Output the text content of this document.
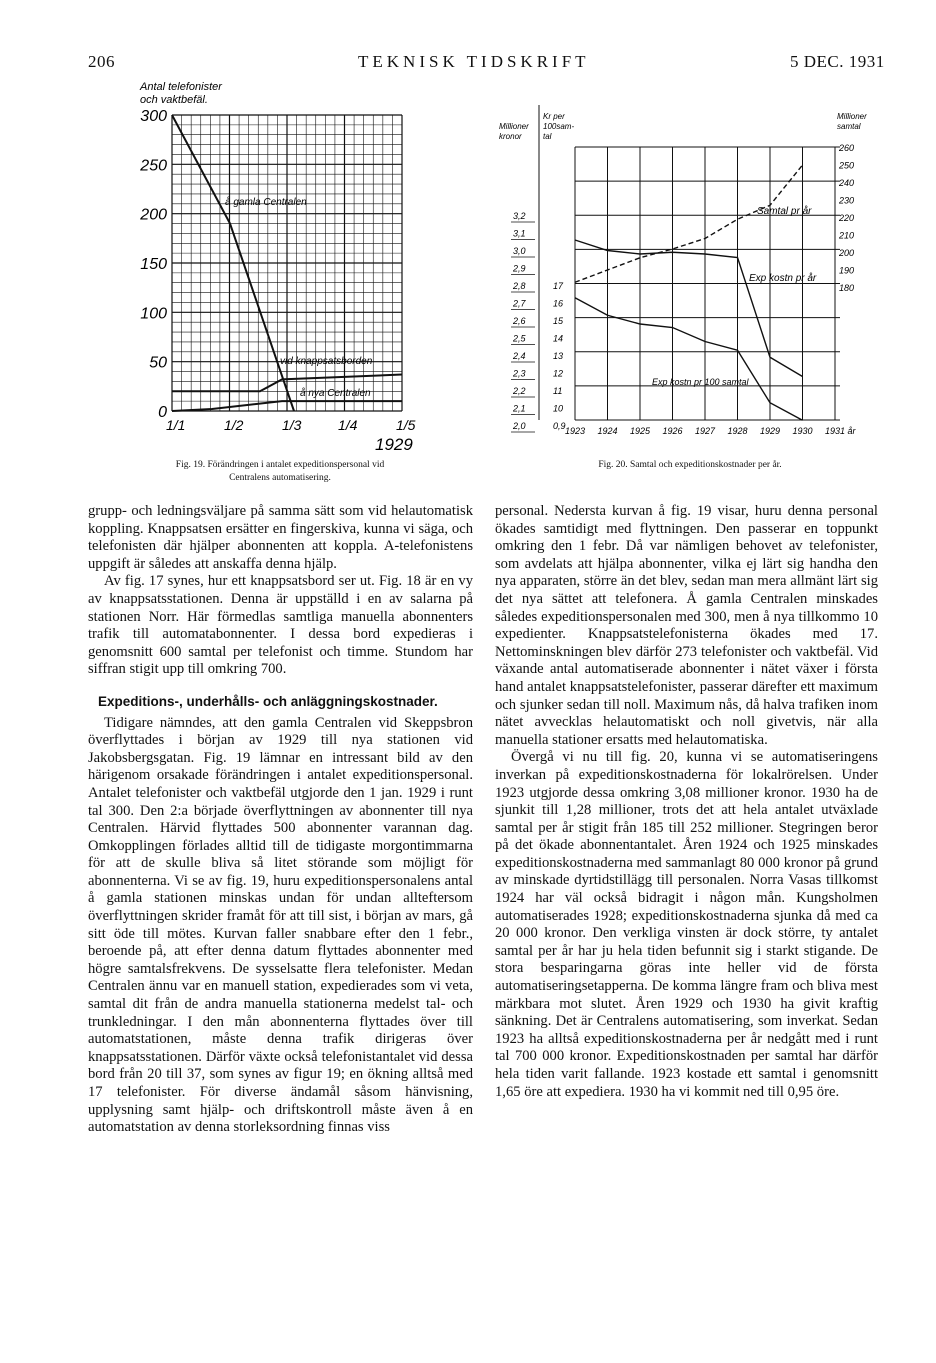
206	TEKNISK TIDSKRIFT	5 DEC. 1931
Antal telefonister
och vaktbefäl.
300
250
200
150
100
50
0
1/1	1/2	1/3	1/4	1/5
1929
å gamla Centralen
vid knappsatsborden
å nya Centralen
Fig. 19. Förändringen i antalet expeditionspersonal vid
Centralens automatisering.
Millioner
kronor
Kr per
100sam-
tal
Millioner
samtal
3,2
3,1
3,0
2,9
2,8
2,7
2,6
2,5
2,4
2,3
2,2
2,1
2,0
17
16
15
14
13
12
11
10
0,9
260
250
240
230
220
210
200
190
180
1923 1924 1925 1926 1927 1928 1929 1930 1931 år
Samtal pr år
Exp kostn pr år
Exp kostn pr 100 samtal
Fig. 20. Samtal och expeditionskostnader per år.

grupp- och ledningsväljare på samma sätt som vid helautomatisk koppling. Knappsatsen ersätter en fingerskiva, kunna vi säga, och telefonisten där hjälper abonnenten att koppla. A-telefonistens uppgift är således att anskaffa denna hjälp.

Av fig. 17 synes, hur ett knappsatsbord ser ut. Fig. 18 är en vy av knappsatsstationen. Denna är uppställd i en av salarna på stationen Norr. Här förmedlas samtliga manuella abonnenters trafik till automatabonnenter. I dessa bord expedieras i genomsnitt 600 samtal per telefonist och timme. Stundom har siffran stigit upp till omkring 700.

Expeditions-, underhålls- och anläggningskostnader.

Tidigare nämndes, att den gamla Centralen vid Skeppsbron överflyttades i början av 1929 till nya stationen vid Jakobsbergsgatan. Fig. 19 lämnar en intressant bild av den härigenom orsakade förändringen i antalet expeditionspersonal. Antalet telefonister och vaktbefäl utgjorde den 1 jan. 1929 i runt tal 300. Den 2:a började överflyttningen av abonnenter till nya Centralen. Härvid flyttades 500 abonnenter varannan dag. Omkopplingen förlades alltid till de tidigaste morgontimmarna för att de skulle bliva så litet störande som möjligt för abonnenterna. Vi se av fig. 19, huru expeditionspersonalens antal å gamla stationen minskas undan för undan allteftersom överflyttningen skrider framåt för att till sist, i början av mars, gå sitt öde till mötes. Kurvan faller snabbare efter den 1 febr., beroende på, att efter denna datum flyttades abonnenter med högre samtalsfrekvens. De sysselsatte flera telefonister. Medan Centralen ännu var en manuell station, expedierades som vi veta, samtal dit från de andra manuella stationerna medelst tal- och trunkledningar. I den mån abonnenterna flyttades över till automatstationen, måste denna trafik dirigeras över knappsatsstationen. Därför växte också telefonistantalet vid dessa bord från 20 till 37, som synes av figur 19; en ökning alltså med 17 telefonister. För diverse ändamål såsom hänvisning, upplysning samt hjälp- och driftskontroll måste även å en automatstation av denna storleksordning finnas viss

personal. Nedersta kurvan å fig. 19 visar, huru denna personal ökades samtidigt med flyttningen. Den passerar en toppunkt omkring den 1 febr. Då var nämligen behovet av telefonister, som avdelats att hjälpa abonnenter, vilka ej lärt sig handha den nya apparaten, större än det blev, sedan man mera allmänt lärt sig det nya sättet att telefonera. Å gamla Centralen minskades således expeditionspersonalen med 300, men å nya tillkommo 10 expedienter. Knappsatstelefonisterna ökades med 17. Nettominskningen blev därför 273 telefonister och vaktbefäl. Vid växande antal automatiserade abonnenter i nätet växer i första hand antalet knappsatstelefonister, passerar därefter ett maximum och sjunker sedan till noll. Maximum nås, då halva trafiken inom nätet avvecklas helautomatiskt och noll givetvis, när alla manuella stationer ersatts med helautomatiska.

Övergå vi nu till fig. 20, kunna vi se automatiseringens inverkan på expeditionskostnaderna för lokalrörelsen. Under 1923 utgjorde dessa omkring 3,08 millioner kronor. 1930 ha de sjunkit till 1,28 millioner, trots det att hela antalet utväxlade samtal per år stigit från 185 till 252 millioner. Stegringen beror på det ökade abonnentantalet. Åren 1924 och 1925 minskades expeditionskostnaderna med sammanlagt 80 000 kronor på grund av minskade dyrtidstillägg till personalen. Norra Vasas tillkomst 1924 har väl också bidragit i någon mån. Kungsholmen automatiserades 1928; expeditionskostnaderna sjunka då med ca 20 000 kronor. Den verkliga vinsten är dock större, ty antalet samtal per år har ju hela tiden befunnit sig i starkt stigande. De stora besparingarna göras inte heller vid de första automatiseringsetapperna. De komma längre fram och bliva mest märkbara mot slutet. Åren 1929 och 1930 ha givit kraftig sänkning. Det är Centralens automatisering, som inverkat. Sedan 1923 ha alltså expeditionskostnaderna per år nedgått med i runt tal 700 000 kronor. Expeditionskostnaden per samtal har därför hela tiden varit fallande. 1923 kostade ett samtal i genomsnitt 1,65 öre att expediera. 1930 ha vi kommit ned till 0,95 öre.
